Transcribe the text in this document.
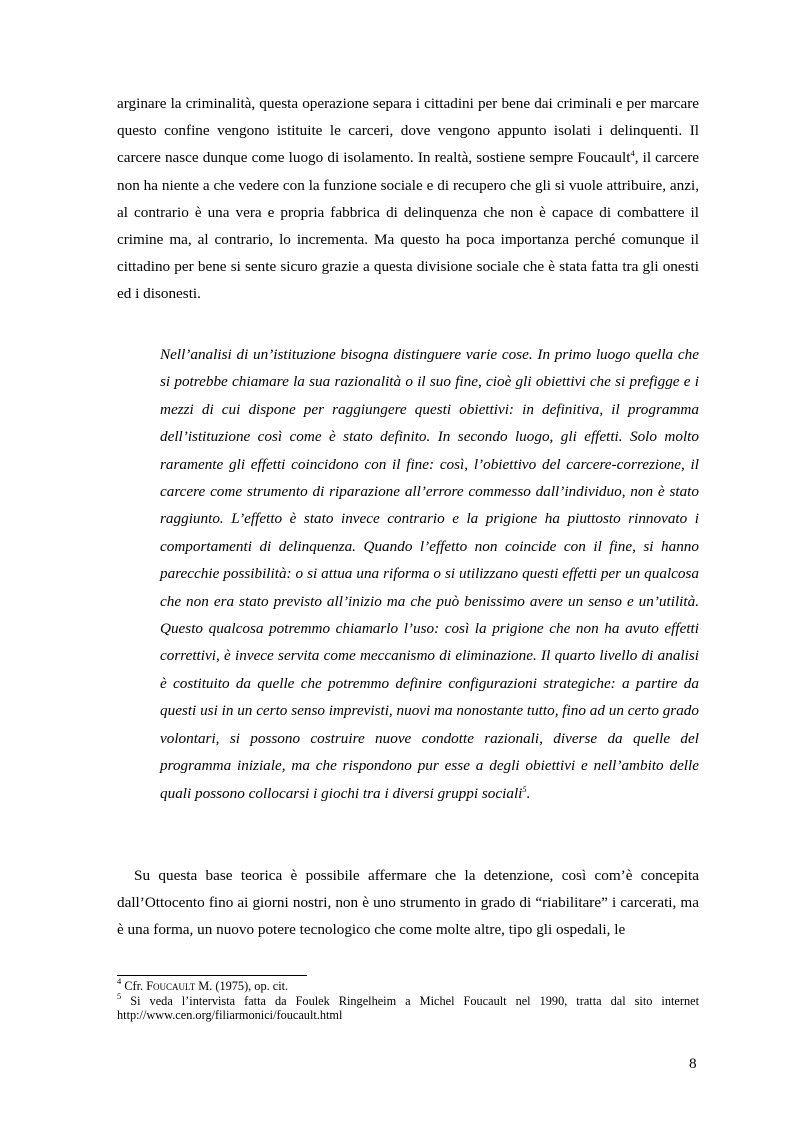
arginare la criminalità, questa operazione separa i cittadini per bene dai criminali e per marcare questo confine vengono istituite le carceri, dove vengono appunto isolati i delinquenti. Il carcere nasce dunque come luogo di isolamento. In realtà, sostiene sempre Foucault$^4$, il carcere non ha niente a che vedere con la funzione sociale e di recupero che gli si vuole attribuire, anzi, al contrario è una vera e propria fabbrica di delinquenza che non è capace di combattere il crimine ma, al contrario, lo incrementa. Ma questo ha poca importanza perché comunque il cittadino per bene si sente sicuro grazie a questa divisione sociale che è stata fatta tra gli onesti ed i disonesti.

Nell’analisi di un’istituzione bisogna distinguere varie cose. In primo luogo quella che si potrebbe chiamare la sua razionalità o il suo fine, cioè gli obiettivi che si prefigge e i mezzi di cui dispone per raggiungere questi obiettivi: in definitiva, il programma dell’istituzione così come è stato definito. In secondo luogo, gli effetti. Solo molto raramente gli effetti coincidono con il fine: così, l’obiettivo del carcere-correzione, il carcere come strumento di riparazione all’errore commesso dall’individuo, non è stato raggiunto. L’effetto è stato invece contrario e la prigione ha piuttosto rinnovato i comportamenti di delinquenza. Quando l’effetto non coincide con il fine, si hanno parecchie possibilità: o si attua una riforma o si utilizzano questi effetti per un qualcosa che non era stato previsto all’inizio ma che può benissimo avere un senso e un’utilità. Questo qualcosa potremmo chiamarlo l’uso: così la prigione che non ha avuto effetti correttivi, è invece servita come meccanismo di eliminazione. Il quarto livello di analisi è costituito da quelle che potremmo definire configurazioni strategiche: a partire da questi usi in un certo senso imprevisti, nuovi ma nonostante tutto, fino ad un certo grado volontari, si possono costruire nuove condotte razionali, diverse da quelle del programma iniziale, ma che rispondono pur esse a degli obiettivi e nell’ambito delle quali possono collocarsi i giochi tra i diversi gruppi sociali$^5$.

Su questa base teorica è possibile affermare che la detenzione, così com’è concepita dall’Ottocento fino ai giorni nostri, non è uno strumento in grado di “riabilitare” i carcerati, ma è una forma, un nuovo potere tecnologico che come molte altre, tipo gli ospedali, le

$^4$ Cfr. Foucault M. (1975), op. cit.

$^5$ Si veda l’intervista fatta da Foulek Ringelheim a Michel Foucault nel 1990, tratta dal sito internet http://www.cen.org/filiarmonici/foucault.html

8
